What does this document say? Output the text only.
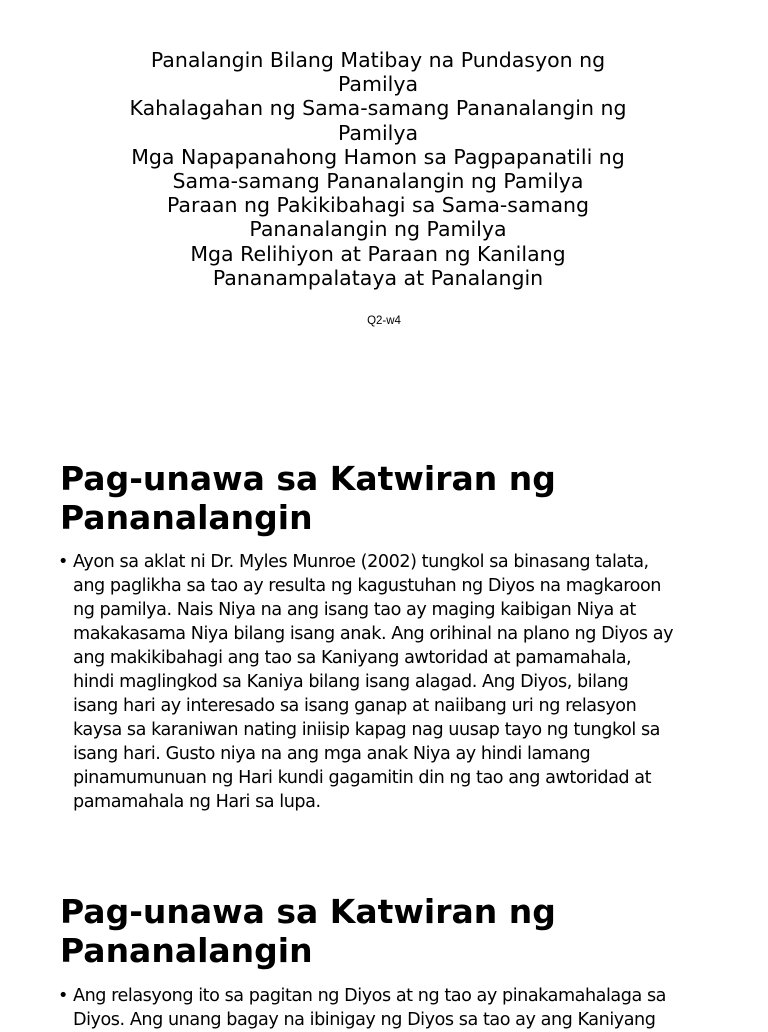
Panalangin Bilang Matibay na Pundasyon ng
Pamilya
Kahalagahan ng Sama-samang Pananalangin ng
Pamilya
Mga Napapanahong Hamon sa Pagpapanatili ng
Sama-samang Pananalangin ng Pamilya
Paraan ng Pakikibahagi sa Sama-samang
Pananalangin ng Pamilya
Mga Relihiyon at Paraan ng Kanilang
Pananampalataya at Panalangin
Q2-w4
Pag-unawa sa Katwiran ng
Pananalangin
• Ayon sa aklat ni Dr. Myles Munroe (2002) tungkol sa binasang talata,
ang paglikha sa tao ay resulta ng kagustuhan ng Diyos na magkaroon
ng pamilya. Nais Niya na ang isang tao ay maging kaibigan Niya at
makakasama Niya bilang isang anak. Ang orihinal na plano ng Diyos ay
ang makikibahagi ang tao sa Kaniyang awtoridad at pamamahala,
hindi maglingkod sa Kaniya bilang isang alagad. Ang Diyos, bilang
isang hari ay interesado sa isang ganap at naiibang uri ng relasyon
kaysa sa karaniwan nating iniisip kapag nag uusap tayo ng tungkol sa
isang hari. Gusto niya na ang mga anak Niya ay hindi lamang
pinamumunuan ng Hari kundi gagamitin din ng tao ang awtoridad at
pamamahala ng Hari sa lupa.
Pag-unawa sa Katwiran ng
Pananalangin
• Ang relasyong ito sa pagitan ng Diyos at ng tao ay pinakamahalaga sa
Diyos. Ang unang bagay na ibinigay ng Diyos sa tao ay ang Kaniyang
